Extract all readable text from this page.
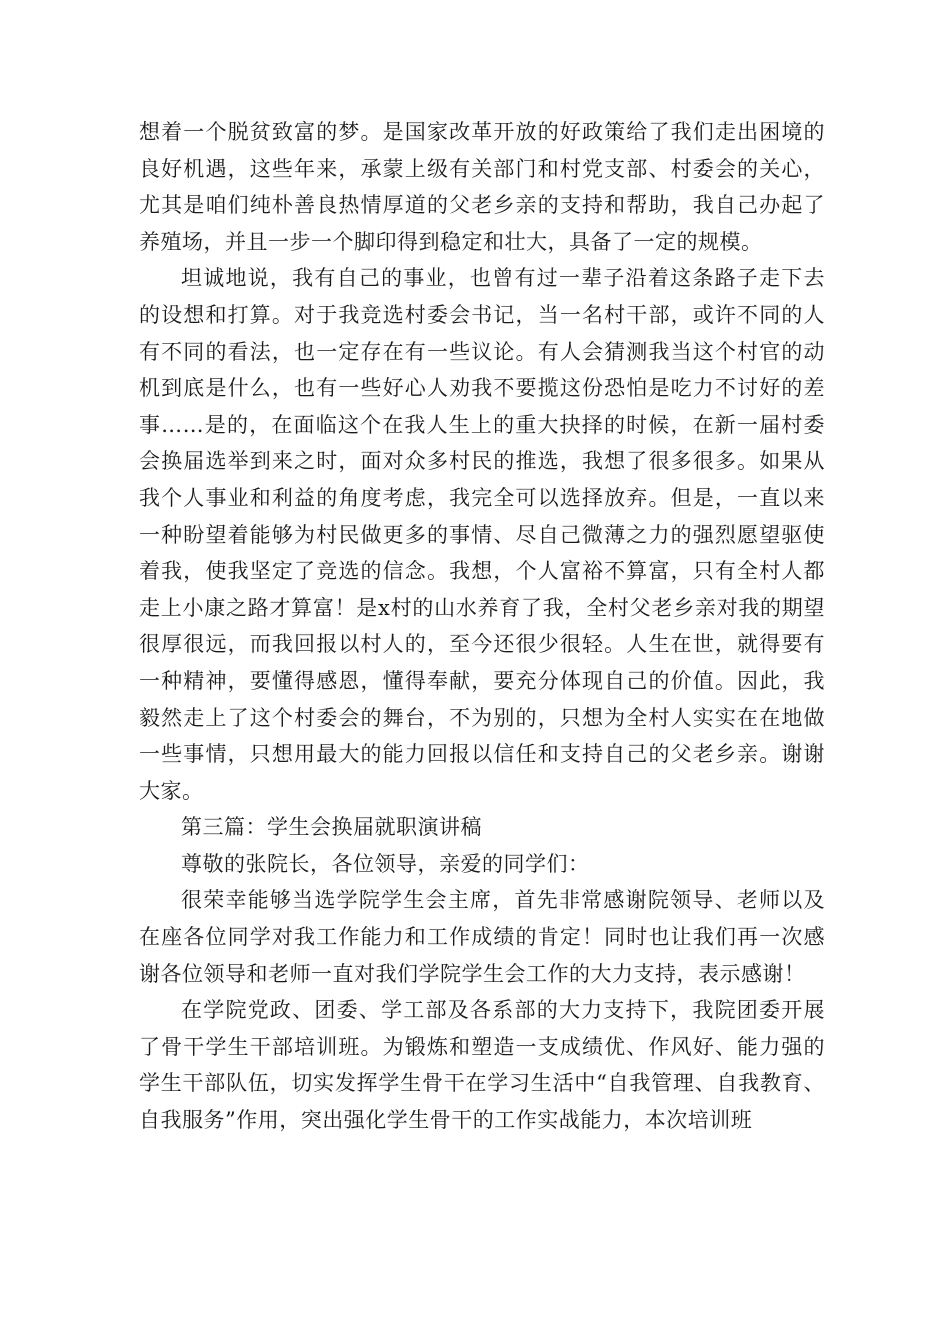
想着一个脱贫致富的梦。是国家改革开放的好政策给了我们走出困境的良好机遇，这些年来，承蒙上级有关部门和村党支部、村委会的关心，尤其是咱们纯朴善良热情厚道的父老乡亲的支持和帮助，我自己办起了养殖场，并且一步一个脚印得到稳定和壮大，具备了一定的规模。

坦诚地说，我有自己的事业，也曾有过一辈子沿着这条路子走下去的设想和打算。对于我竞选村委会书记，当一名村干部，或许不同的人有不同的看法，也一定存在有一些议论。有人会猜测我当这个村官的动机到底是什么，也有一些好心人劝我不要揽这份恐怕是吃力不讨好的差事……是的，在面临这个在我人生上的重大抉择的时候，在新一届村委会换届选举到来之时，面对众多村民的推选，我想了很多很多。如果从我个人事业和利益的角度考虑，我完全可以选择放弃。但是，一直以来一种盼望着能够为村民做更多的事情、尽自己微薄之力的强烈愿望驱使着我，使我坚定了竞选的信念。我想，个人富裕不算富，只有全村人都走上小康之路才算富！是x村的山水养育了我，全村父老乡亲对我的期望很厚很远，而我回报以村人的，至今还很少很轻。人生在世，就得要有一种精神，要懂得感恩，懂得奉献，要充分体现自己的价值。因此，我毅然走上了这个村委会的舞台，不为别的，只想为全村人实实在在地做一些事情，只想用最大的能力回报以信任和支持自己的父老乡亲。谢谢大家。

第三篇：学生会换届就职演讲稿

尊敬的张院长，各位领导，亲爱的同学们：

很荣幸能够当选学院学生会主席，首先非常感谢院领导、老师以及在座各位同学对我工作能力和工作成绩的肯定！同时也让我们再一次感谢各位领导和老师一直对我们学院学生会工作的大力支持，表示感谢！

在学院党政、团委、学工部及各系部的大力支持下，我院团委开展了骨干学生干部培训班。为锻炼和塑造一支成绩优、作风好、能力强的学生干部队伍，切实发挥学生骨干在学习生活中“自我管理、自我教育、自我服务”作用，突出强化学生骨干的工作实战能力，本次培训班
